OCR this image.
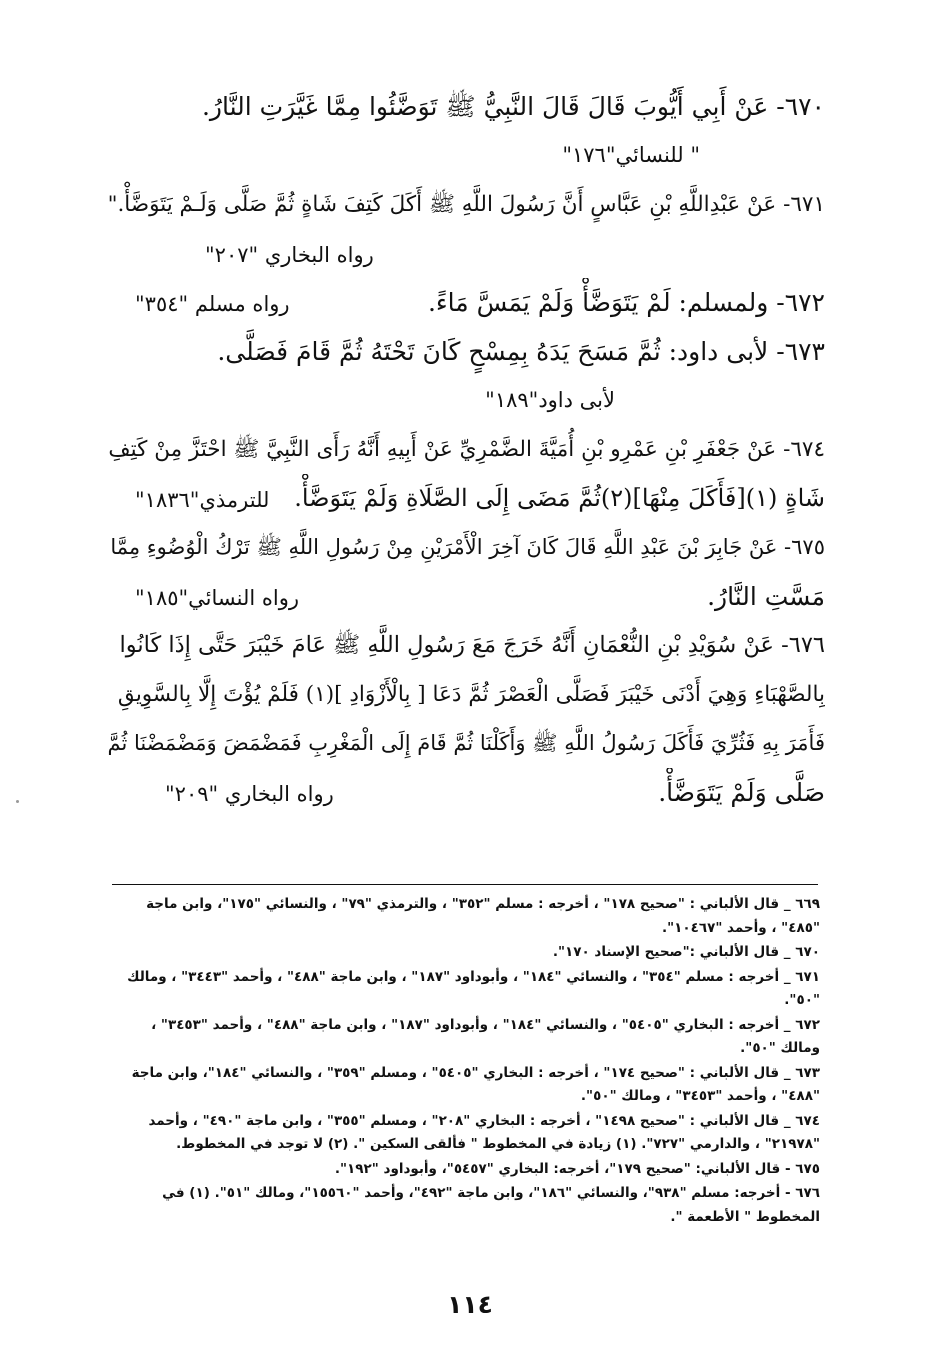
٦٧٠- عَنْ أَبِي أَيُّوبَ قَالَ قَالَ النَّبِيُّ ﷺ تَوَضَّئُوا مِمَّا غَيَّرَتِ النَّارُ.
" للنسائي"١٧٦"
٦٧١- عَنْ عَبْدِاللَّهِ بْنِ عَبَّاسٍ أَنَّ رَسُولَ اللَّهِ ﷺ أَكَلَ كَتِفَ شَاةٍ ثُمَّ صَلَّى وَلَـمْ يَتَوَضَّأْ."
رواه البخاري "٢٠٧"
٦٧٢- ولمسلم: لَمْ يَتَوَضَّأْ وَلَمْ يَمَسَّ مَاءً.
رواه مسلم "٣٥٤"
٦٧٣- لأبى داود: ثُمَّ مَسَحَ يَدَهُ بِمِسْحٍ كَانَ تَحْتَهُ ثُمَّ قَامَ فَصَلَّى.
لأبى داود"١٨٩"
٦٧٤- عَنْ جَعْفَرِ بْنِ عَمْرِو بْنِ أُمَيَّةَ الضَّمْرِيِّ عَنْ أَبِيهِ أَنَّهُ رَأَى النَّبِيَّ ﷺ احْتَزَّ مِنْ كَتِفِ
شَاةٍ (١)[فَأَكَلَ مِنْهَا](٢)ثُمَّ مَضَى إِلَى الصَّلَاةِ وَلَمْ يَتَوَضَّأْ.
للترمذي"١٨٣٦"
٦٧٥- عَنْ جَابِرَ بْنَ عَبْدِ اللَّهِ قَالَ كَانَ آخِرَ الْأَمْرَيْنِ مِنْ رَسُولِ اللَّهِ ﷺ تَرْكُ الْوُضُوءِ مِمَّا
مَسَّتِ النَّارُ.
رواه النسائي"١٨٥"
٦٧٦- عَنْ سُوَيْدِ بْنِ النُّعْمَانِ أَنَّهُ خَرَجَ مَعَ رَسُولِ اللَّهِ ﷺ عَامَ خَيْبَرَ حَتَّى إِذَا كَانُوا
بِالصَّهْبَاءِ وَهِيَ أَدْنَى خَيْبَرَ فَصَلَّى الْعَصْرَ ثُمَّ دَعَا [ بِالْأَزْوَادِ ](١) فَلَمْ يُؤْتَ إِلَّا بِالسَّوِيقِ
فَأَمَرَ بِهِ فَثُرِّيَ فَأَكَلَ رَسُولُ اللَّهِ ﷺ وَأَكَلْنَا ثُمَّ قَامَ إِلَى الْمَغْرِبِ فَمَضْمَضَ وَمَضْمَضْنَا ثُمَّ
صَلَّى وَلَمْ يَتَوَضَّأْ.
رواه البخاري "٢٠٩"
٦٦٩ _ قال الألباني : "صحيح ١٧٨" ، أخرجه : مسلم "٣٥٢" ، والترمذي "٧٩" ، والنسائي "١٧٥"، وابن ماجة "٤٨٥" ، وأحمد "١٠٤٦٧".
٦٧٠ _ قال الألباني :"صحيح الإسناد ١٧٠".
٦٧١ _ أخرجه : مسلم "٣٥٤" ، والنسائي "١٨٤" ، وأبوداود "١٨٧" ، وابن ماجة "٤٨٨" ، وأحمد "٣٤٤٣" ، ومالك "٥٠".
٦٧٢ _ أخرجه : البخاري "٥٤٠٥" ، والنسائي "١٨٤" ، وأبوداود "١٨٧" ، وابن ماجة "٤٨٨" ، وأحمد "٣٤٥٣" ، ومالك "٥٠".
٦٧٣ _ قال الألباني : "صحيح ١٧٤" ، أخرجه : البخاري "٥٤٠٥" ، ومسلم "٣٥٩" ، والنسائي "١٨٤"، وابن ماجة "٤٨٨" ، وأحمد "٣٤٥٣" ، ومالك "٥٠".
٦٧٤ _ قال الألباني : "صحيح ١٤٩٨" ، أخرجه : البخاري "٢٠٨" ، ومسلم "٣٥٥" ، وابن ماجة "٤٩٠" ، وأحمد "٢١٩٧٨" ، والدارمي "٧٢٧". (١) زيادة في المخطوط " فألقى السكين ". (٢) لا توجد في المخطوط.
٦٧٥ - قال الألباني: "صحيح ١٧٩"، أخرجه: البخاري "٥٤٥٧"، وأبوداود "١٩٢".
٦٧٦ - أخرجه: مسلم "٩٣٨"، والنسائي "١٨٦"، وابن ماجة "٤٩٢"، وأحمد "١٥٥٦٠"، ومالك "٥١". (١) في المخطوط " الأطعمة ".
١١٤
